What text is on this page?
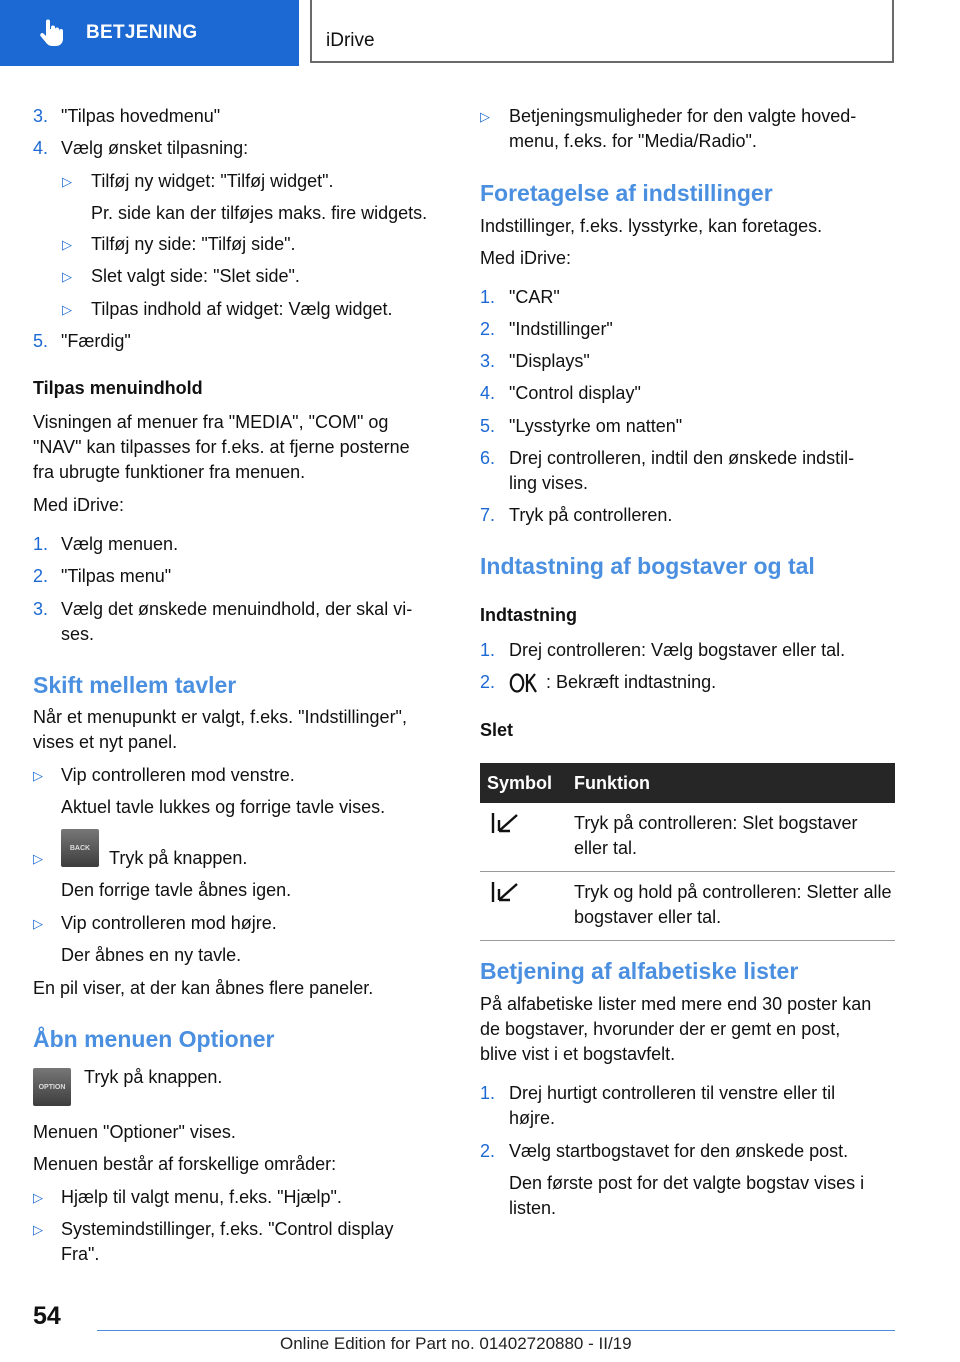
BETJENING	iDrive
3. "Tilpas hovedmenu"
4. Vælg ønsket tilpasning:
▷ Tilføj ny widget: "Tilføj widget".
Pr. side kan der tilføjes maks. fire widgets.
▷ Tilføj ny side: "Tilføj side".
▷ Slet valgt side: "Slet side".
▷ Tilpas indhold af widget: Vælg widget.
5. "Færdig"
Tilpas menuindhold
Visningen af menuer fra "MEDIA", "COM" og
"NAV" kan tilpasses for f.eks. at fjerne posterne
fra ubrugte funktioner fra menuen.
Med iDrive:
1. Vælg menuen.
2. "Tilpas menu"
3. Vælg det ønskede menuindhold, der skal vi-
ses.
Skift mellem tavler
Når et menupunkt er valgt, f.eks. "Indstillinger",
vises et nyt panel.
▷ Vip controlleren mod venstre.
Aktuel tavle lukkes og forrige tavle vises.
▷
BACK Tryk på knappen.
Den forrige tavle åbnes igen.
▷ Vip controlleren mod højre.
Der åbnes en ny tavle.
En pil viser, at der kan åbnes flere paneler.
Åbn menuen Optioner
OPTION Tryk på knappen.
Menuen "Optioner" vises.
Menuen består af forskellige områder:
▷ Hjælp til valgt menu, f.eks. "Hjælp".
▷ Systemindstillinger, f.eks. "Control display
Fra".
▷ Betjeningsmuligheder for den valgte hoved-
menu, f.eks. for "Media/Radio".
Foretagelse af indstillinger
Indstillinger, f.eks. lysstyrke, kan foretages.
Med iDrive:
1. "CAR"
2. "Indstillinger"
3. "Displays"
4. "Control display"
5. "Lysstyrke om natten"
6. Drej controlleren, indtil den ønskede indstil-
ling vises.
7. Tryk på controlleren.
Indtastning af bogstaver og tal
Indtastning
1. Drej controlleren: Vælg bogstaver eller tal.
2.	: Bekræft indtastning.
Slet
Symbol	Funktion
	Tryk på controlleren: Slet bogstaver eller tal.
	Tryk og hold på controlleren: Sletter alle bogstaver eller tal.
Betjening af alfabetiske lister
På alfabetiske lister med mere end 30 poster kan
de bogstaver, hvorunder der er gemt en post,
blive vist i et bogstavfelt.
1. Drej hurtigt controlleren til venstre eller til
højre.
2. Vælg startbogstavet for den ønskede post.
Den første post for det valgte bogstav vises i
listen.
54
Online Edition for Part no. 01402720880 - II/19
